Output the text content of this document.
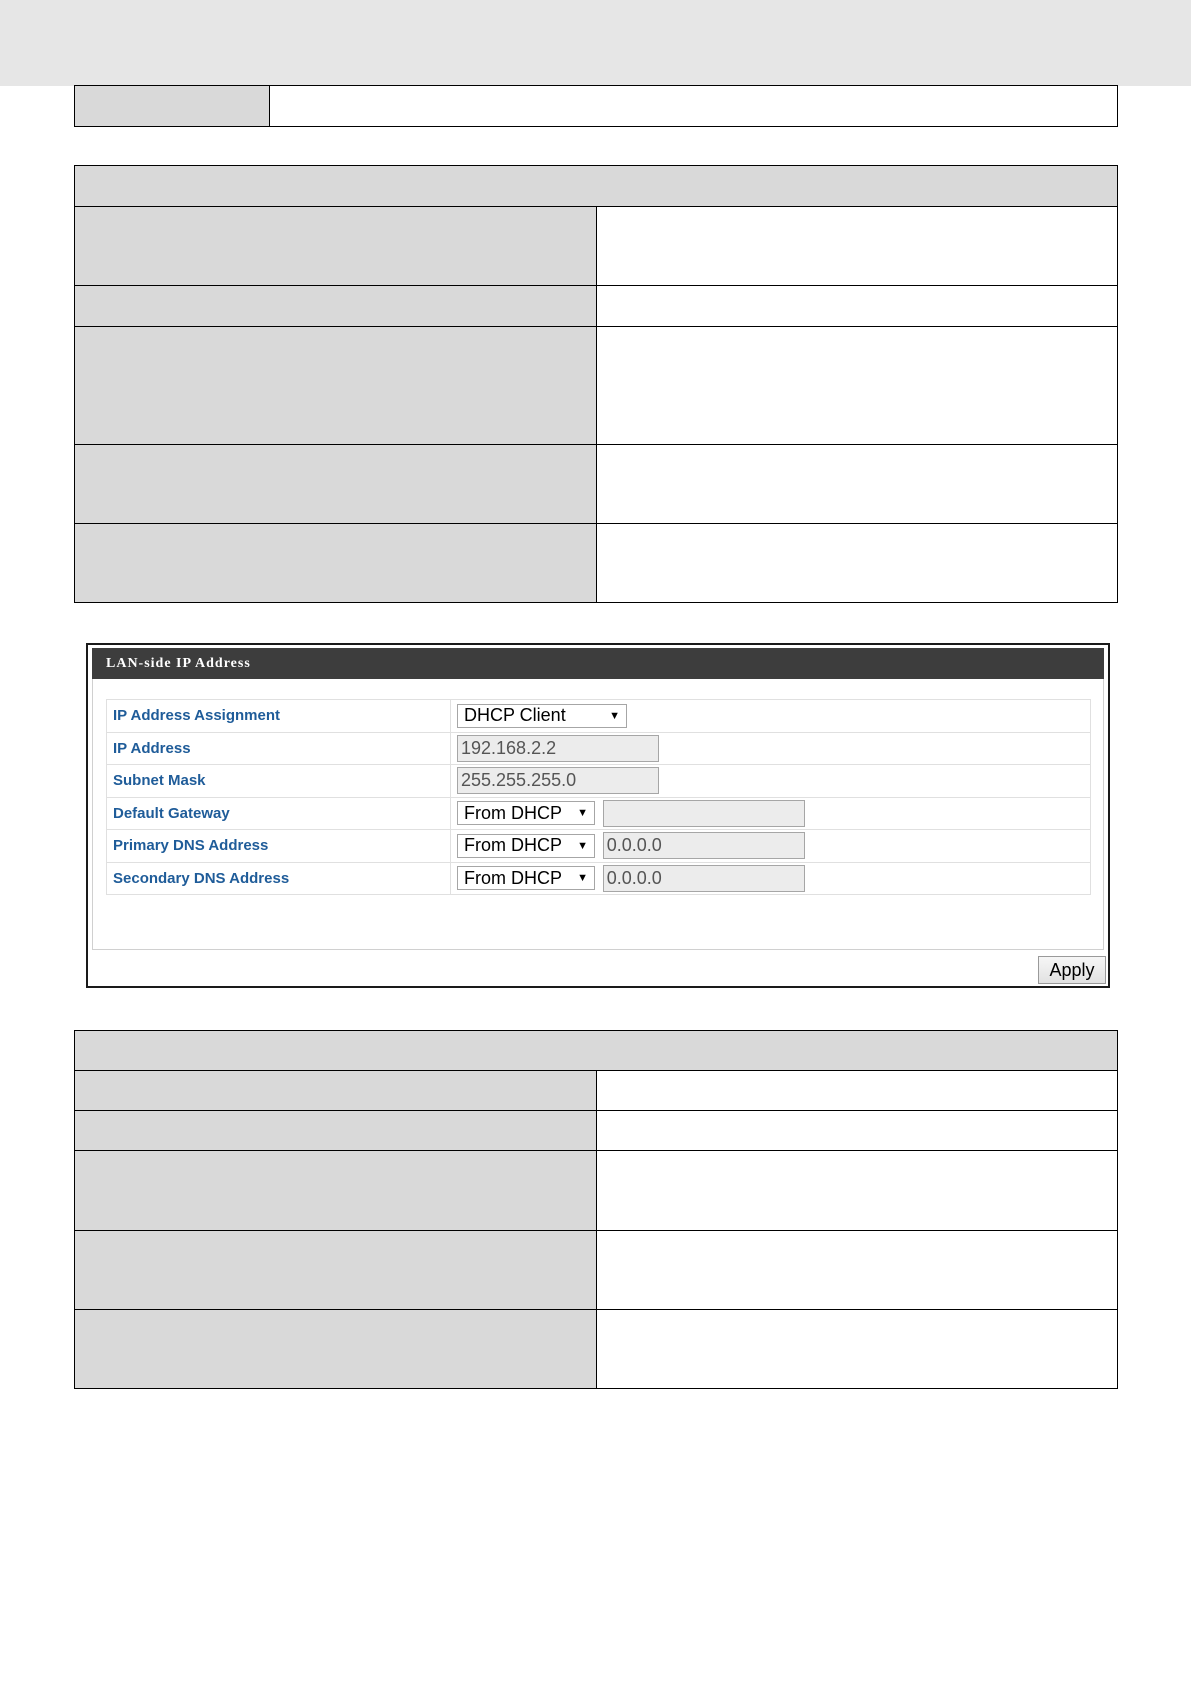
LAN-side IP Address
IP Address Assignment	DHCP Client ▼

IP Address	192.168.2.2
Subnet Mask	255.255.255.0
Default Gateway	From DHCP ▼

Primary DNS Address	From DHCP ▼ 0.0.0.0
Secondary DNS Address	From DHCP ▼ 0.0.0.0
Apply
